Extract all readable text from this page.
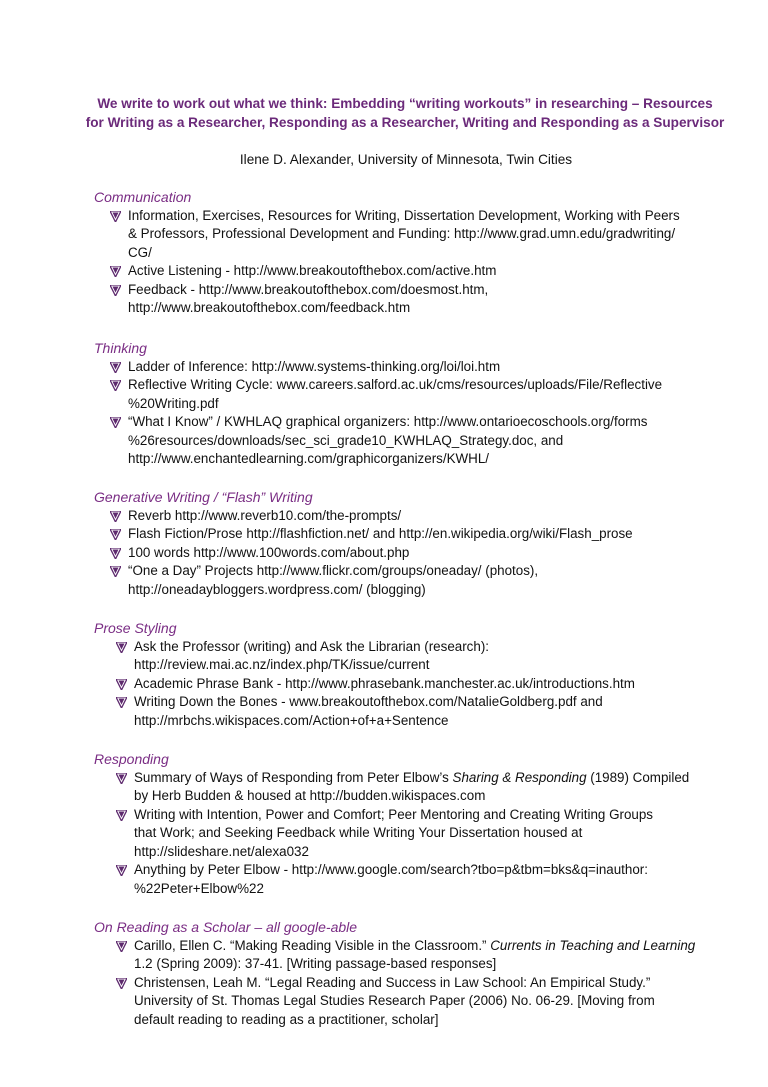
We write to work out what we think: Embedding “writing workouts” in researching – Resources
for Writing as a Researcher, Responding as a Researcher, Writing and Responding as a Supervisor
Ilene D. Alexander, University of Minnesota, Twin Cities
Communication
Information, Exercises, Resources for Writing, Dissertation Development, Working with Peers
& Professors, Professional Development and Funding: http://www.grad.umn.edu/gradwriting/
CG/
Active Listening - http://www.breakoutofthebox.com/active.htm
Feedback - http://www.breakoutofthebox.com/doesmost.htm,
http://www.breakoutofthebox.com/feedback.htm
Thinking
Ladder of Inference: http://www.systems-thinking.org/loi/loi.htm
Reflective Writing Cycle: www.careers.salford.ac.uk/cms/resources/uploads/File/Reflective
%20Writing.pdf
“What I Know” / KWHLAQ graphical organizers: http://www.ontarioecoschools.org/forms
%26resources/downloads/sec_sci_grade10_KWHLAQ_Strategy.doc, and
http://www.enchantedlearning.com/graphicorganizers/KWHL/
Generative Writing / “Flash” Writing
Reverb http://www.reverb10.com/the-prompts/
Flash Fiction/Prose http://flashfiction.net/ and http://en.wikipedia.org/wiki/Flash_prose
100 words http://www.100words.com/about.php
“One a Day” Projects http://www.flickr.com/groups/oneaday/ (photos),
http://oneadaybloggers.wordpress.com/ (blogging)
Prose Styling
Ask the Professor (writing) and Ask the Librarian (research):
http://review.mai.ac.nz/index.php/TK/issue/current
Academic Phrase Bank - http://www.phrasebank.manchester.ac.uk/introductions.htm
Writing Down the Bones - www.breakoutofthebox.com/NatalieGoldberg.pdf and
http://mrbchs.wikispaces.com/Action+of+a+Sentence
Responding
Summary of Ways of Responding from Peter Elbow’s Sharing & Responding (1989) Compiled
by Herb Budden & housed at http://budden.wikispaces.com
Writing with Intention, Power and Comfort; Peer Mentoring and Creating Writing Groups
that Work; and Seeking Feedback while Writing Your Dissertation housed at
http://slideshare.net/alexa032
Anything by Peter Elbow - http://www.google.com/search?tbo=p&tbm=bks&q=inauthor:
%22Peter+Elbow%22
On Reading as a Scholar – all google-able
Carillo, Ellen C. “Making Reading Visible in the Classroom.” Currents in Teaching and Learning
1.2 (Spring 2009): 37-41. [Writing passage-based responses]
Christensen, Leah M. “Legal Reading and Success in Law School: An Empirical Study.”
University of St. Thomas Legal Studies Research Paper (2006) No. 06-29. [Moving from
default reading to reading as a practitioner, scholar]
